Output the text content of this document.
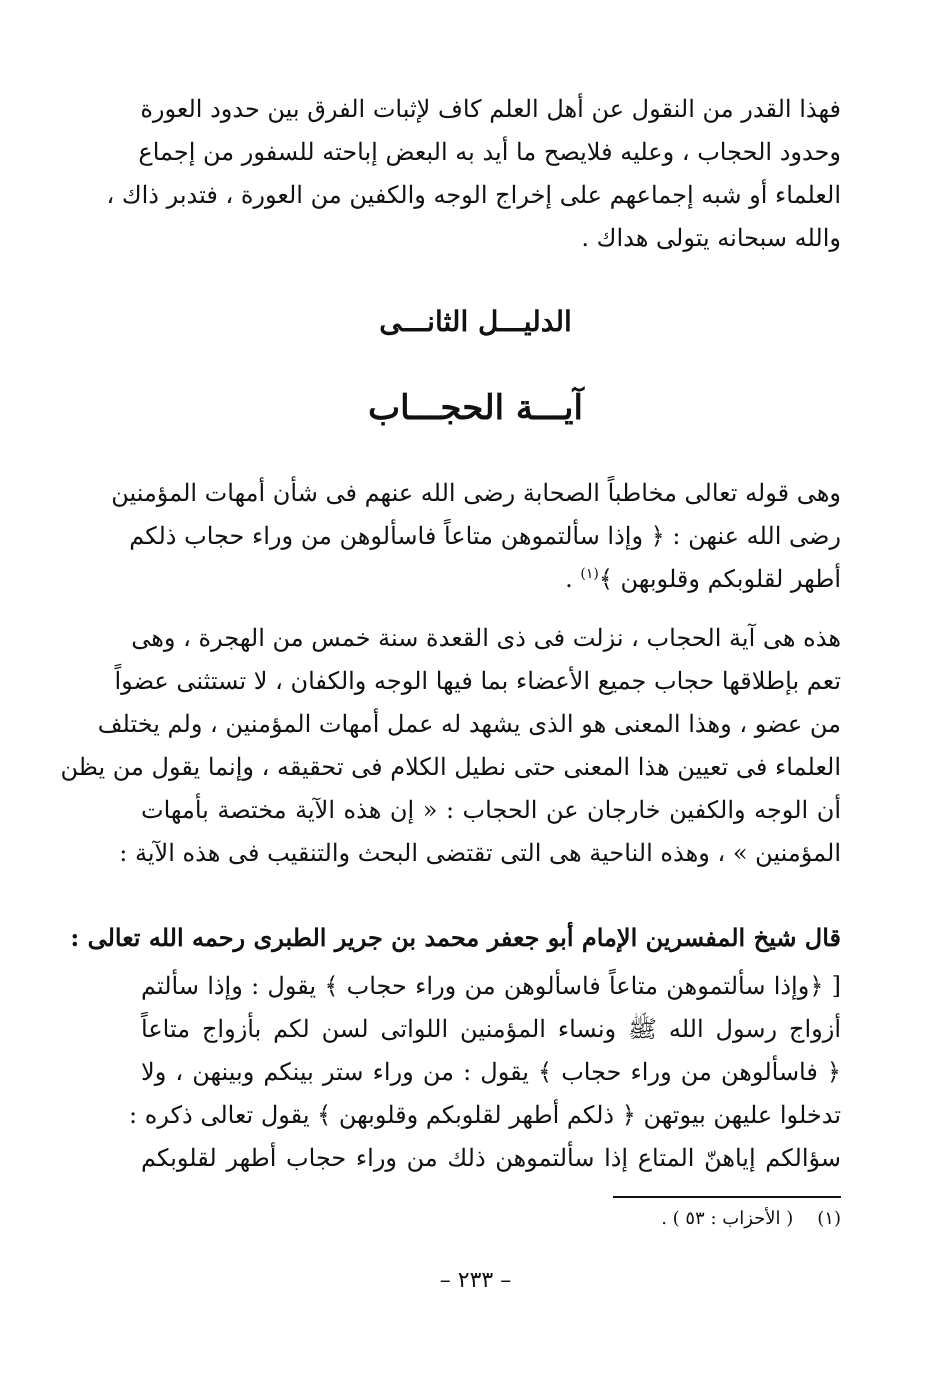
فهذا القدر من النقول عن أهل العلم كاف لإثبات الفرق بين حدود العورة
وحدود الحجاب ، وعليه فلايصح ما أيد به البعض إباحته للسفور من إجماع
العلماء أو شبه إجماعهم على إخراج الوجه والكفين من العورة ، فتدبر ذاك ،
والله سبحانه يتولى هداك .

الدليـــل الثانـــى
آيـــة الحجـــاب

وهى قوله تعالى مخاطباً الصحابة رضى الله عنهم فى شأن أمهات المؤمنين
رضى الله عنهن : ﴿ وإذا سألتموهن متاعاً فاسألوهن من وراء حجاب ذلكم
أطهر لقلوبكم وقلوبهن ﴾$^{(١)}$ .

هذه هى آية الحجاب ، نزلت فى ذى القعدة سنة خمس من الهجرة ، وهى
تعم بإطلاقها حجاب جميع الأعضاء بما فيها الوجه والكفان ، لا تستثنى عضواً
من عضو ، وهذا المعنى هو الذى يشهد له عمل أمهات المؤمنين ، ولم يختلف
العلماء فى تعيين هذا المعنى حتى نطيل الكلام فى تحقيقه ، وإنما يقول من يظن
أن الوجه والكفين خارجان عن الحجاب : « إن هذه الآية مختصة بأمهات
المؤمنين » ، وهذه الناحية هى التى تقتضى البحث والتنقيب فى هذه الآية :

قال شيخ المفسرين الإمام أبو جعفر محمد بن جرير الطبرى رحمه الله تعالى :
[ ﴿وإذا سألتموهن متاعاً فاسألوهن من وراء حجاب ﴾ يقول : وإذا سألتم
أزواج رسول الله ﷺ ونساء المؤمنين اللواتى لسن لكم بأزواج متاعاً
﴿ فاسألوهن من وراء حجاب ﴾ يقول : من وراء ستر بينكم وبينهن ، ولا
تدخلوا عليهن بيوتهن ﴿ ذلكم أطهر لقلوبكم وقلوبهن ﴾ يقول تعالى ذكره :
سؤالكم إياهنّ المتاع إذا سألتموهن ذلك من وراء حجاب أطهر لقلوبكم

(١)( الأحزاب : ٥٣ ) .
– ٢٣٣ –
